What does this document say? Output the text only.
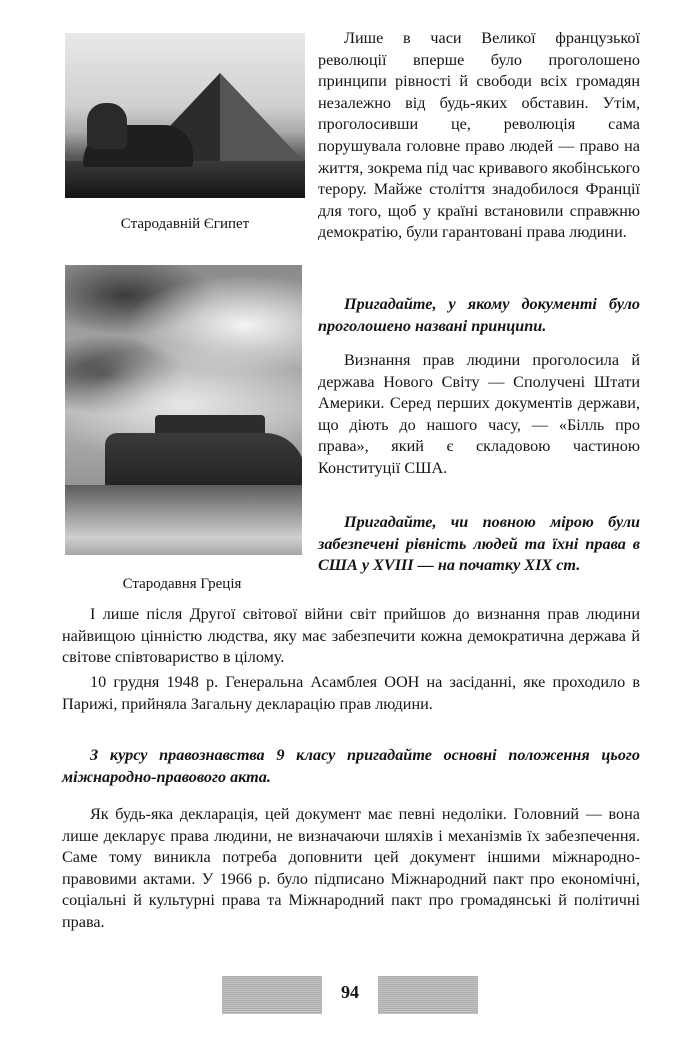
Стародавній Єгипет
Стародавня Греція

Лише в часи Великої французької революції вперше було проголошено принципи рівності й свободи всіх громадян незалежно від будь-яких обставин. Утім, проголосивши це, революція сама порушувала головне право людей — право на життя, зокрема під час кривавого якобінського терору. Майже століття знадобилося Франції для того, щоб у країні встановили справжню демократію, були гарантовані права людини.

Пригадайте, у якому документі було проголошено названі принципи.

Визнання прав людини проголосила й держава Нового Світу — Сполучені Штати Америки. Серед перших документів держави, що діють до нашого часу, — «Білль про права», який є складовою частиною Конституції США.

Пригадайте, чи повною мірою були забезпечені рівність людей та їхні права в США у XVIII — на початку XIX ст.

І лише після Другої світової війни світ прийшов до визнання прав людини найвищою цінністю людства, яку має забезпечити кожна демократична держава й світове співтовариство в цілому.

10 грудня 1948 р. Генеральна Асамблея ООН на засіданні, яке проходило в Парижі, прийняла Загальну декларацію прав людини.

З курсу правознавства 9 класу пригадайте основні положення цього міжнародно-правового акта.

Як будь-яка декларація, цей документ має певні недоліки. Головний — вона лише декларує права людини, не визначаючи шляхів і механізмів їх забезпечення. Саме тому виникла потреба доповнити цей документ іншими міжнародно-правовими актами. У 1966 р. було підписано Міжнародний пакт про економічні, соціальні й культурні права та Міжнародний пакт про громадянські й політичні права.

94
